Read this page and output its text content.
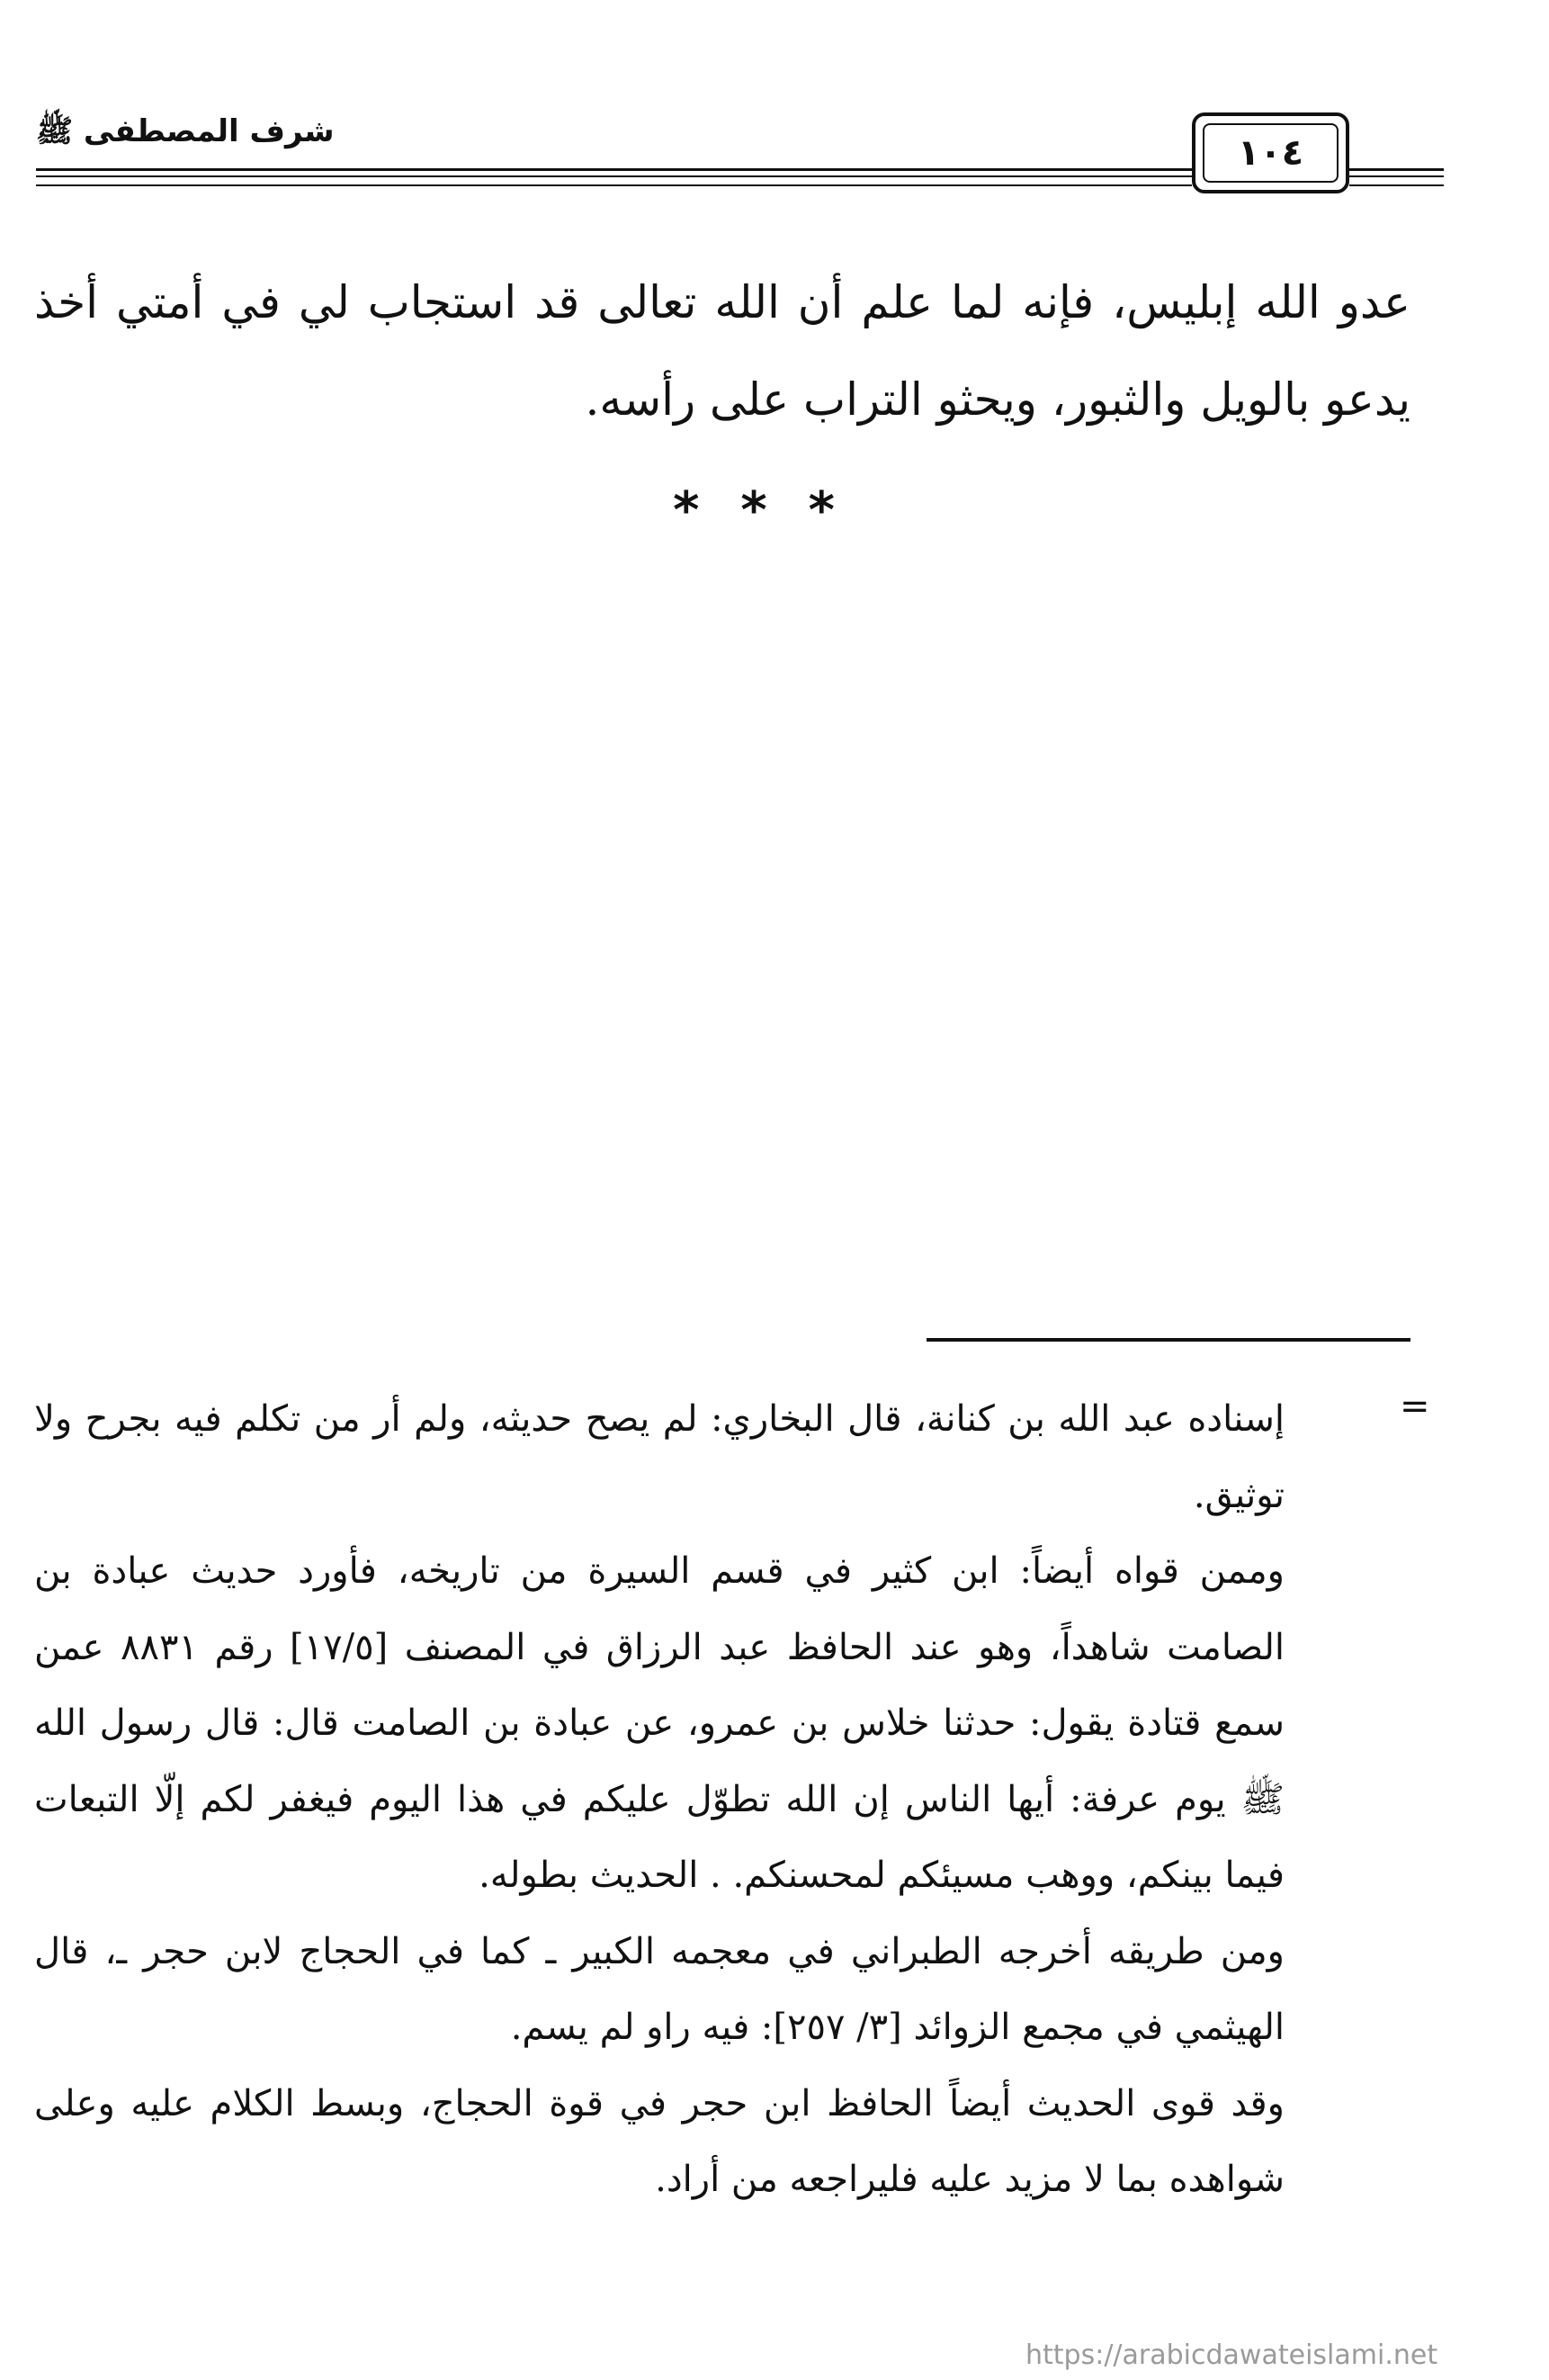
شرف المصطفى ﷺ
١٠٤

عدو الله إبليس، فإنه لما علم أن الله تعالى قد استجاب لي في أمتي أخذ يدعو بالويل والثبور، ويحثو التراب على رأسه.

***
=

إسناده عبد الله بن كنانة، قال البخاري: لم يصح حديثه، ولم أر من تكلم فيه بجرح ولا توثيق.

وممن قواه أيضاً: ابن كثير في قسم السيرة من تاريخه، فأورد حديث عبادة بن الصامت شاهداً، وهو عند الحافظ عبد الرزاق في المصنف [١٧/٥] رقم ٨٨٣١ عمن سمع قتادة يقول: حدثنا خلاس بن عمرو، عن عبادة بن الصامت قال: قال رسول الله ﷺ يوم عرفة: أيها الناس إن الله تطوّل عليكم في هذا اليوم فيغفر لكم إلّا التبعات فيما بينكم، ووهب مسيئكم لمحسنكم. . الحديث بطوله.

ومن طريقه أخرجه الطبراني في معجمه الكبير ـ كما في الحجاج لابن حجر ـ، قال الهيثمي في مجمع الزوائد [٣/ ٢٥٧]: فيه راو لم يسم.

وقد قوى الحديث أيضاً الحافظ ابن حجر في قوة الحجاج، وبسط الكلام عليه وعلى شواهده بما لا مزيد عليه فليراجعه من أراد.

https://arabicdawateislami.net
